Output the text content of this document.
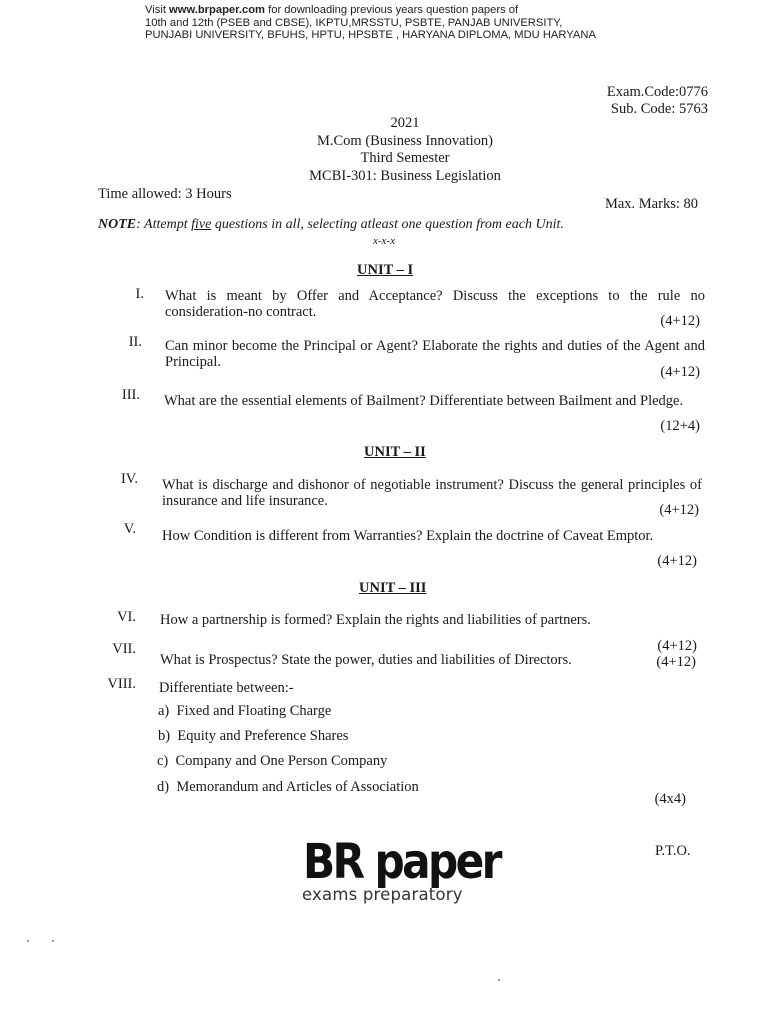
Visit www.brpaper.com for downloading previous years question papers of
10th and 12th (PSEB and CBSE), IKPTU,MRSSTU, PSBTE, PANJAB UNIVERSITY,
PUNJABI UNIVERSITY, BFUHS, HPTU, HPSBTE , HARYANA DIPLOMA, MDU HARYANA
Exam.Code:0776
Sub. Code: 5763
2021
M.Com (Business Innovation)
Third Semester
MCBI-301: Business Legislation
Time allowed: 3 Hours
Max. Marks: 80
NOTE: Attempt five questions in all, selecting atleast one question from each Unit.
x-x-x
UNIT – I
I. What is meant by Offer and Acceptance? Discuss the exceptions to the rule no consideration-no contract.
(4+12)
II. Can minor become the Principal or Agent? Elaborate the rights and duties of the Agent and Principal.
(4+12)
III. What are the essential elements of Bailment? Differentiate between Bailment and Pledge.
(12+4)
UNIT – II
IV. What is discharge and dishonor of negotiable instrument? Discuss the general principles of insurance and life insurance.
(4+12)
V. How Condition is different from Warranties? Explain the doctrine of Caveat Emptor.
(4+12)
UNIT – III
VI. How a partnership is formed? Explain the rights and liabilities of partners.
(4+12)
VII.
What is Prospectus? State the power, duties and liabilities of Directors.	(4+12)
VIII. Differentiate between:-
a) Fixed and Floating Charge
b) Equity and Preference Shares
c) Company and One Person Company
d) Memorandum and Articles of Association
(4x4)
P.T.O.
BR paper
exams preparatory
